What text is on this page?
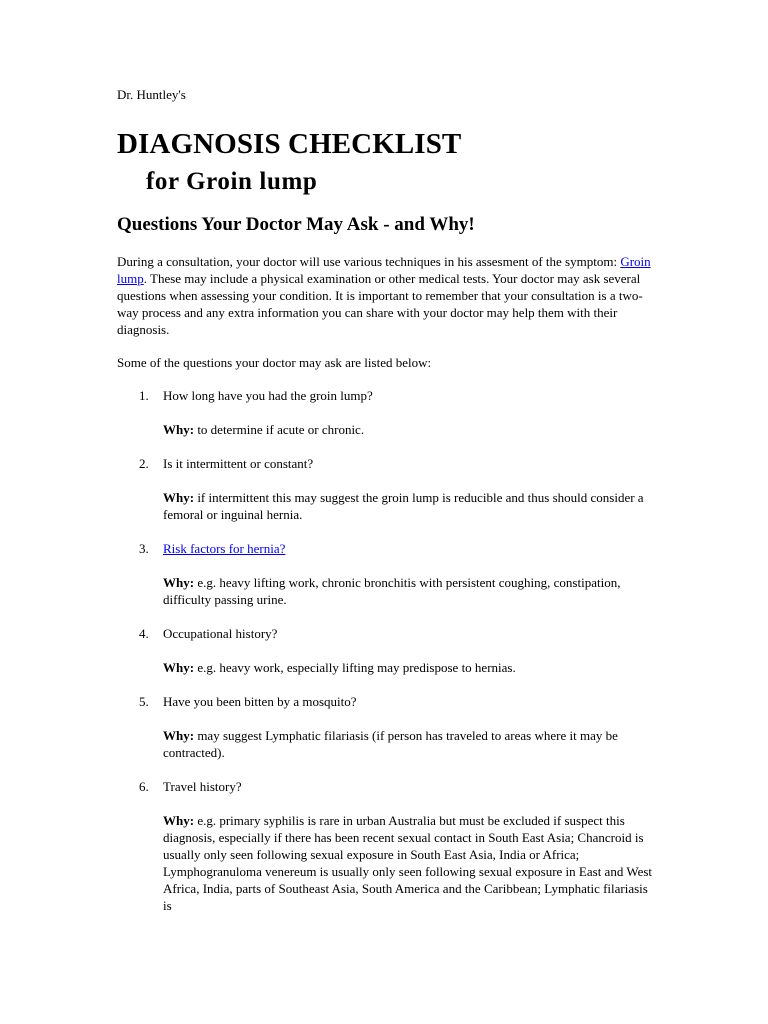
Dr. Huntley's

DIAGNOSIS CHECKLIST
for Groin lump
Questions Your Doctor May Ask - and Why!

During a consultation, your doctor will use various techniques in his assesment of the symptom: Groin lump. These may include a physical examination or other medical tests. Your doctor may ask several questions when assessing your condition. It is important to remember that your consultation is a two-way process and any extra information you can share with your doctor may help them with their diagnosis.

Some of the questions your doctor may ask are listed below:

1. How long have you had the groin lump?

Why: to determine if acute or chronic.

2. Is it intermittent or constant?

Why: if intermittent this may suggest the groin lump is reducible and thus should consider a femoral or inguinal hernia.

3. Risk factors for hernia?

Why: e.g. heavy lifting work, chronic bronchitis with persistent coughing, constipation, difficulty passing urine.

4. Occupational history?

Why: e.g. heavy work, especially lifting may predispose to hernias.

5. Have you been bitten by a mosquito?

Why: may suggest Lymphatic filariasis (if person has traveled to areas where it may be contracted).

6. Travel history?

Why: e.g. primary syphilis is rare in urban Australia but must be excluded if suspect this diagnosis, especially if there has been recent sexual contact in South East Asia; Chancroid is usually only seen following sexual exposure in South East Asia, India or Africa; Lymphogranuloma venereum is usually only seen following sexual exposure in East and West Africa, India, parts of Southeast Asia, South America and the Caribbean; Lymphatic filariasis is
